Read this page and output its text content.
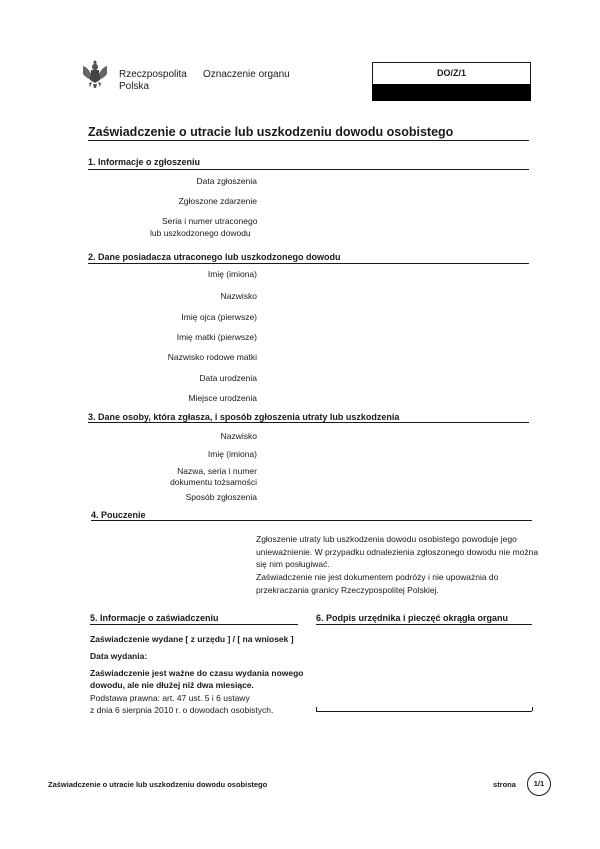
Rzeczpospolita
Polska
Oznaczenie organu	DO/Z/1
Zaświadczenie o utracie lub uszkodzeniu dowodu osobistego
1. Informacje o zgłoszeniu
Data zgłoszenia
Zgłoszone zdarzenie
Seria i numer utraconego
lub uszkodzonego dowodu
2. Dane posiadacza utraconego lub uszkodzonego dowodu
Imię (imiona)
Nazwisko
Imię ojca (pierwsze)
Imię matki (pierwsze)
Nazwisko rodowe matki
Data urodzenia
Miejsce urodzenia
3. Dane osoby, która zgłasza, i sposób zgłoszenia utraty lub uszkodzenia
Nazwisko
Imię (imiona)
Nazwa, seria i numer
dokumentu tożsamości
Sposób zgłoszenia
4. Pouczenie
Zgłoszenie utraty lub uszkodzenia dowodu osobistego powoduje jego
unieważnienie. W przypadku odnalezienia zgłoszonego dowodu nie można
się nim posługiwać.
Zaświadczenie nie jest dokumentem podróży i nie upoważnia do
przekraczania granicy Rzeczypospolitej Polskiej.
5. Informacje o zaświadczeniu
Zaświadczenie wydane [ z urzędu ] / [ na wniosek ]
Data wydania:
Zaświadczenie jest ważne do czasu wydania nowego
dowodu, ale nie dłużej niż dwa miesiące.
Podstawa prawna: art. 47 ust. 5 i 6 ustawy
z dnia 6 sierpnia 2010 r. o dowodach osobistych.
6. Podpis urzędnika i pieczęć okrągła organu
Zaświadczenie o utracie lub uszkodzeniu dowodu osobistego	strona	1/1
